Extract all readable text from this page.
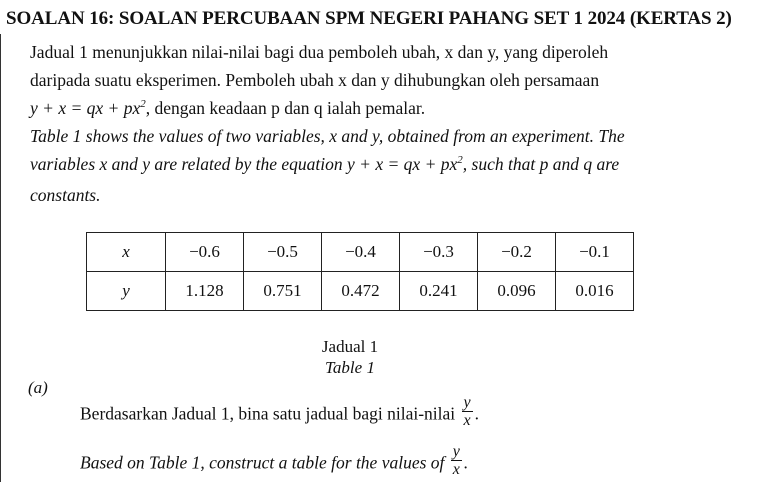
SOALAN 16: SOALAN PERCUBAAN SPM NEGERI PAHANG SET 1 2024 (KERTAS 2)
Jadual 1 menunjukkan nilai-nilai bagi dua pemboleh ubah, x dan y, yang diperoleh
daripada suatu eksperimen. Pemboleh ubah x dan y dihubungkan oleh persamaan
y + x = qx + $px^2$, dengan keadaan p dan q ialah pemalar.
Table 1 shows the values of two variables, x and y, obtained from an experiment. The
variables x and y are related by the equation y + x = qx + $px^2$, such that p and q are
constants.
x	−0.6	−0.5	−0.4	−0.3	−0.2	−0.1
y	1.128	0.751	0.472	0.241	0.096	0.016
Jadual 1
Table 1
(a)
Berdasarkan Jadual 1, bina satu jadual bagi nilai-nilai $\frac{y}{x}$ .
Based on Table 1, construct a table for the values of $\frac{y}{x}$ .
